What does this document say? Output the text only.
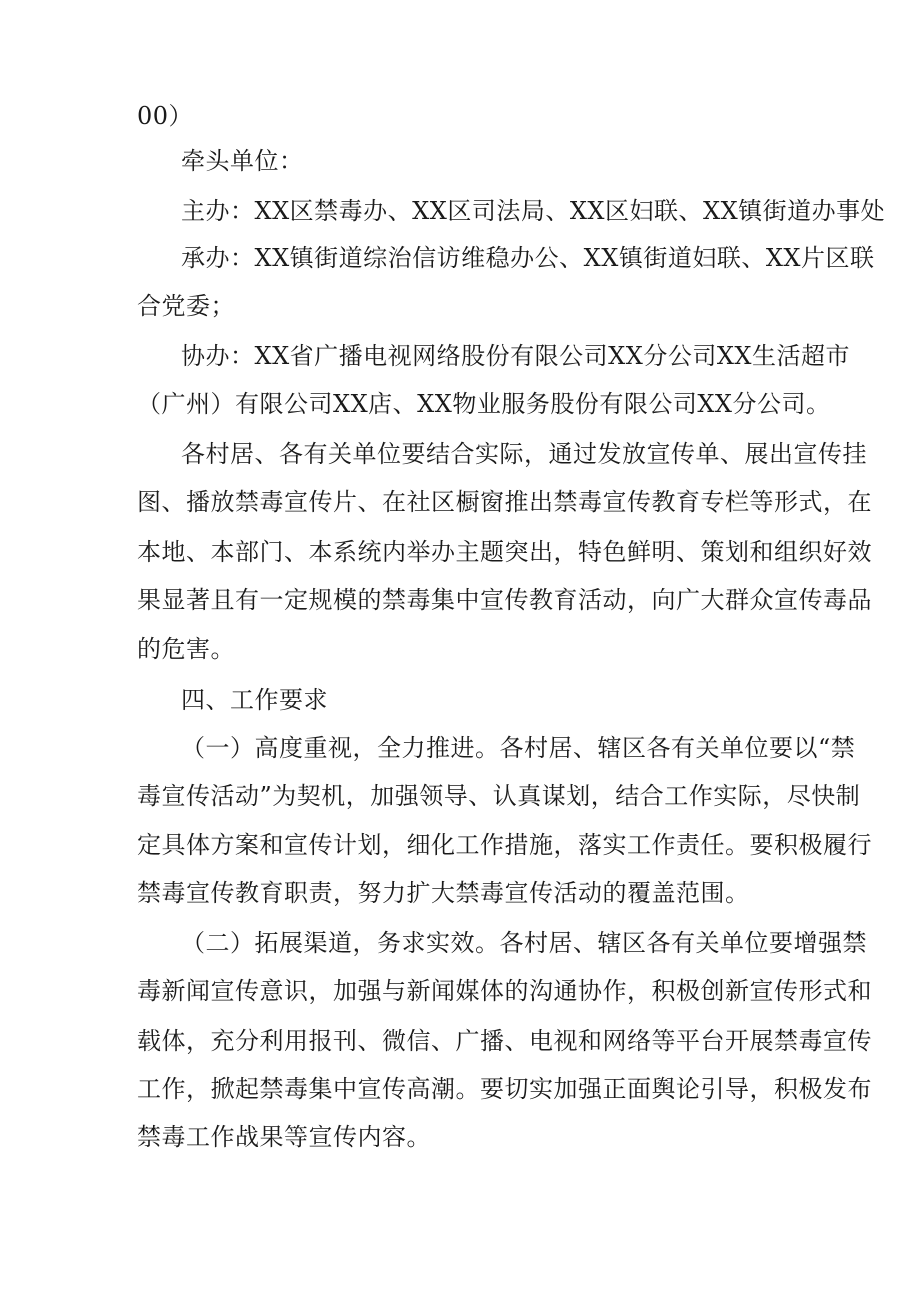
00）
牵头单位：
主办：XX区禁毒办、XX区司法局、XX区妇联、XX镇街道办事处
承办：XX镇街道综治信访维稳办公、XX镇街道妇联、XX片区联
合党委；
协办：XX省广播电视网络股份有限公司XX分公司XX生活超市
（广州）有限公司XX店、XX物业服务股份有限公司XX分公司。
各村居、各有关单位要结合实际，通过发放宣传单、展出宣传挂
图、播放禁毒宣传片、在社区橱窗推出禁毒宣传教育专栏等形式，在
本地、本部门、本系统内举办主题突出，特色鲜明、策划和组织好效
果显著且有一定规模的禁毒集中宣传教育活动，向广大群众宣传毒品
的危害。
四、工作要求
（一）高度重视，全力推进。各村居、辖区各有关单位要以“禁
毒宣传活动”为契机，加强领导、认真谋划，结合工作实际，尽快制
定具体方案和宣传计划，细化工作措施，落实工作责任。要积极履行
禁毒宣传教育职责，努力扩大禁毒宣传活动的覆盖范围。
（二）拓展渠道，务求实效。各村居、辖区各有关单位要增强禁
毒新闻宣传意识，加强与新闻媒体的沟通协作，积极创新宣传形式和
载体，充分利用报刊、微信、广播、电视和网络等平台开展禁毒宣传
工作，掀起禁毒集中宣传高潮。要切实加强正面舆论引导，积极发布
禁毒工作战果等宣传内容。
